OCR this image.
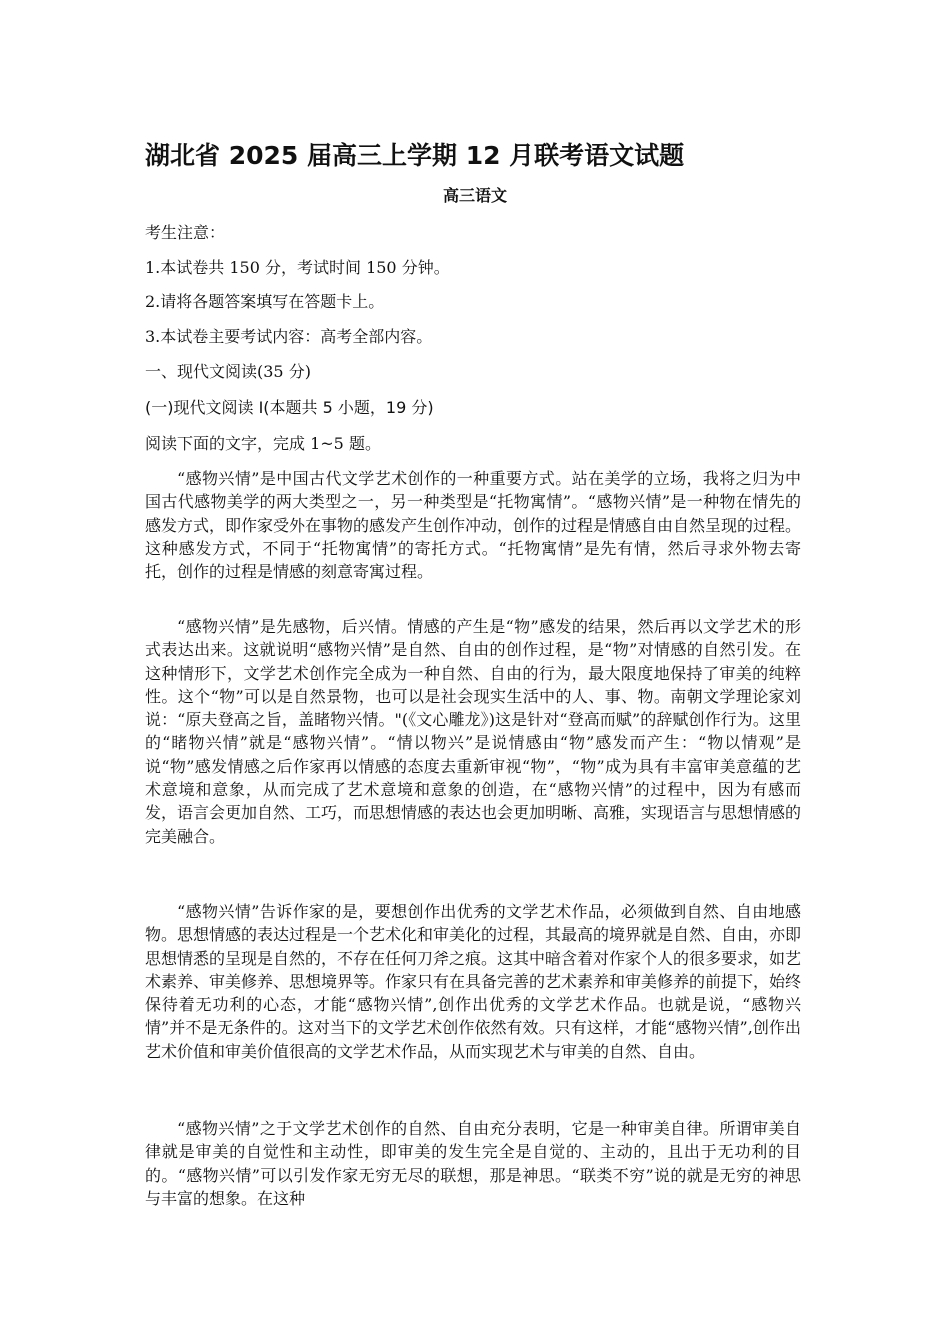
湖北省 2025 届高三上学期 12 月联考语文试题
高三语文
考生注意：
1.本试卷共 150 分，考试时间 150 分钟。
2.请将各题答案填写在答题卡上。
3.本试卷主要考试内容：高考全部内容。
一、现代文阅读(35 分)
(一)现代文阅读 I(本题共 5 小题，19 分)
阅读下面的文字，完成 1~5 题。

“感物兴情”是中国古代文学艺术创作的一种重要方式。站在美学的立场，我将之归为中国古代感物美学的两大类型之一，另一种类型是“托物寓情”。“感物兴情”是一种物在情先的感发方式，即作家受外在事物的感发产生创作冲动，创作的过程是情感自由自然呈现的过程。这种感发方式，不同于“托物寓情”的寄托方式。“托物寓情”是先有情，然后寻求外物去寄托，创作的过程是情感的刻意寄寓过程。

“感物兴情”是先感物，后兴情。情感的产生是“物”感发的结果，然后再以文学艺术的形式表达出来。这就说明“感物兴情”是自然、自由的创作过程，是“物”对情感的自然引发。在这种情形下，文学艺术创作完全成为一种自然、自由的行为，最大限度地保持了审美的纯粹性。这个“物”可以是自然景物，也可以是社会现实生活中的人、事、物。南朝文学理论家刘说：“原夫登高之旨，盖睹物兴情。"(《文心雕龙》)这是针对“登高而赋”的辞赋创作行为。这里的“睹物兴情”就是“感物兴情”。“情以物兴”是说情感由“物”感发而产生：“物以情观”是说“物”感发情感之后作家再以情感的态度去重新审视“物”，“物”成为具有丰富审美意蕴的艺术意境和意象，从而完成了艺术意境和意象的创造，在“感物兴情”的过程中，因为有感而发，语言会更加自然、工巧，而思想情感的表达也会更加明晰、高雅，实现语言与思想情感的完美融合。

“感物兴情”告诉作家的是，要想创作出优秀的文学艺术作品，必须做到自然、自由地感物。思想情感的表达过程是一个艺术化和审美化的过程，其最高的境界就是自然、自由，亦即思想情悉的呈现是自然的，不存在任何刀斧之痕。这其中暗含着对作家个人的很多要求，如艺术素养、审美修养、思想境界等。作家只有在具备完善的艺术素养和审美修养的前提下，始终保待着无功利的心态，才能“感物兴情”,创作出优秀的文学艺术作品。也就是说，“感物兴情”并不是无条件的。这对当下的文学艺术创作依然有效。只有这样，才能“感物兴情”,创作出艺术价值和审美价值很高的文学艺术作品，从而实现艺术与审美的自然、自由。

“感物兴情”之于文学艺术创作的自然、自由充分表明，它是一种审美自律。所谓审美自律就是审美的自觉性和主动性，即审美的发生完全是自觉的、主动的，且出于无功利的目的。“感物兴情”可以引发作家无穷无尽的联想，那是神思。“联类不穷”说的就是无穷的神思与丰富的想象。在这种
